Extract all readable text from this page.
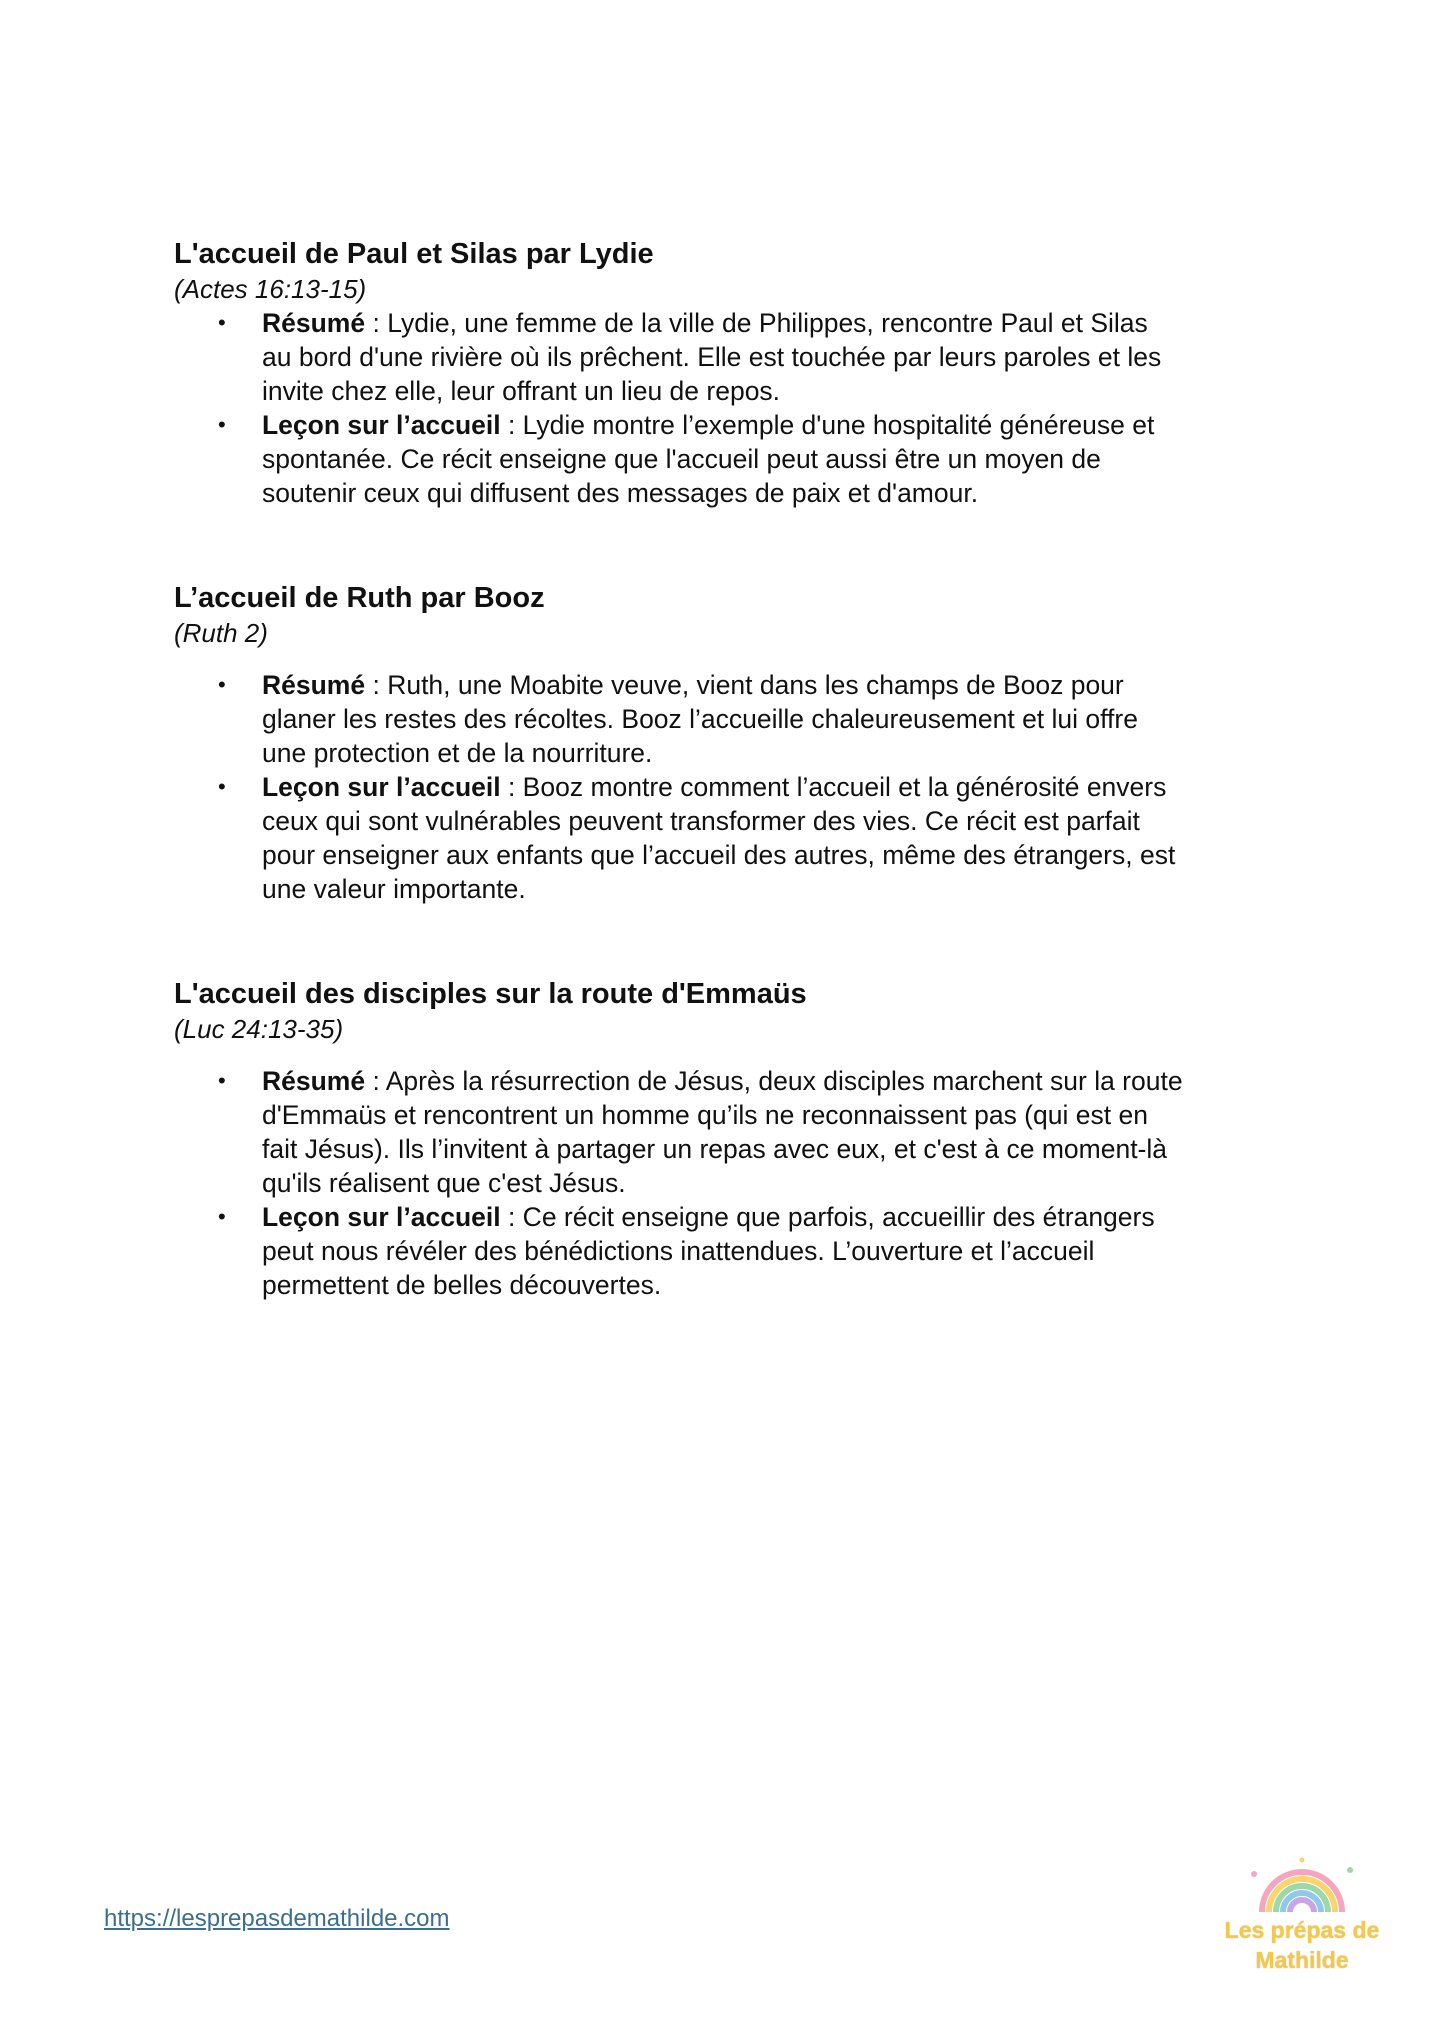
L'accueil de Paul et Silas par Lydie

(Actes 16:13-15)

• Résumé : Lydie, une femme de la ville de Philippes, rencontre Paul et Silas
au bord d'une rivière où ils prêchent. Elle est touchée par leurs paroles et les
invite chez elle, leur offrant un lieu de repos.
• Leçon sur l’accueil : Lydie montre l’exemple d'une hospitalité généreuse et
spontanée. Ce récit enseigne que l'accueil peut aussi être un moyen de
soutenir ceux qui diffusent des messages de paix et d'amour.
L’accueil de Ruth par Booz

(Ruth 2)

• Résumé : Ruth, une Moabite veuve, vient dans les champs de Booz pour
glaner les restes des récoltes. Booz l’accueille chaleureusement et lui offre
une protection et de la nourriture.
• Leçon sur l’accueil : Booz montre comment l’accueil et la générosité envers
ceux qui sont vulnérables peuvent transformer des vies. Ce récit est parfait
pour enseigner aux enfants que l’accueil des autres, même des étrangers, est
une valeur importante.
L'accueil des disciples sur la route d'Emmaüs

(Luc 24:13-35)

• Résumé : Après la résurrection de Jésus, deux disciples marchent sur la route
d'Emmaüs et rencontrent un homme qu’ils ne reconnaissent pas (qui est en
fait Jésus). Ils l’invitent à partager un repas avec eux, et c'est à ce moment-là
qu'ils réalisent que c'est Jésus.
• Leçon sur l’accueil : Ce récit enseigne que parfois, accueillir des étrangers
peut nous révéler des bénédictions inattendues. L’ouverture et l’accueil
permettent de belles découvertes.
https://lesprepasdemathilde.com	Les prépas de
Mathilde
